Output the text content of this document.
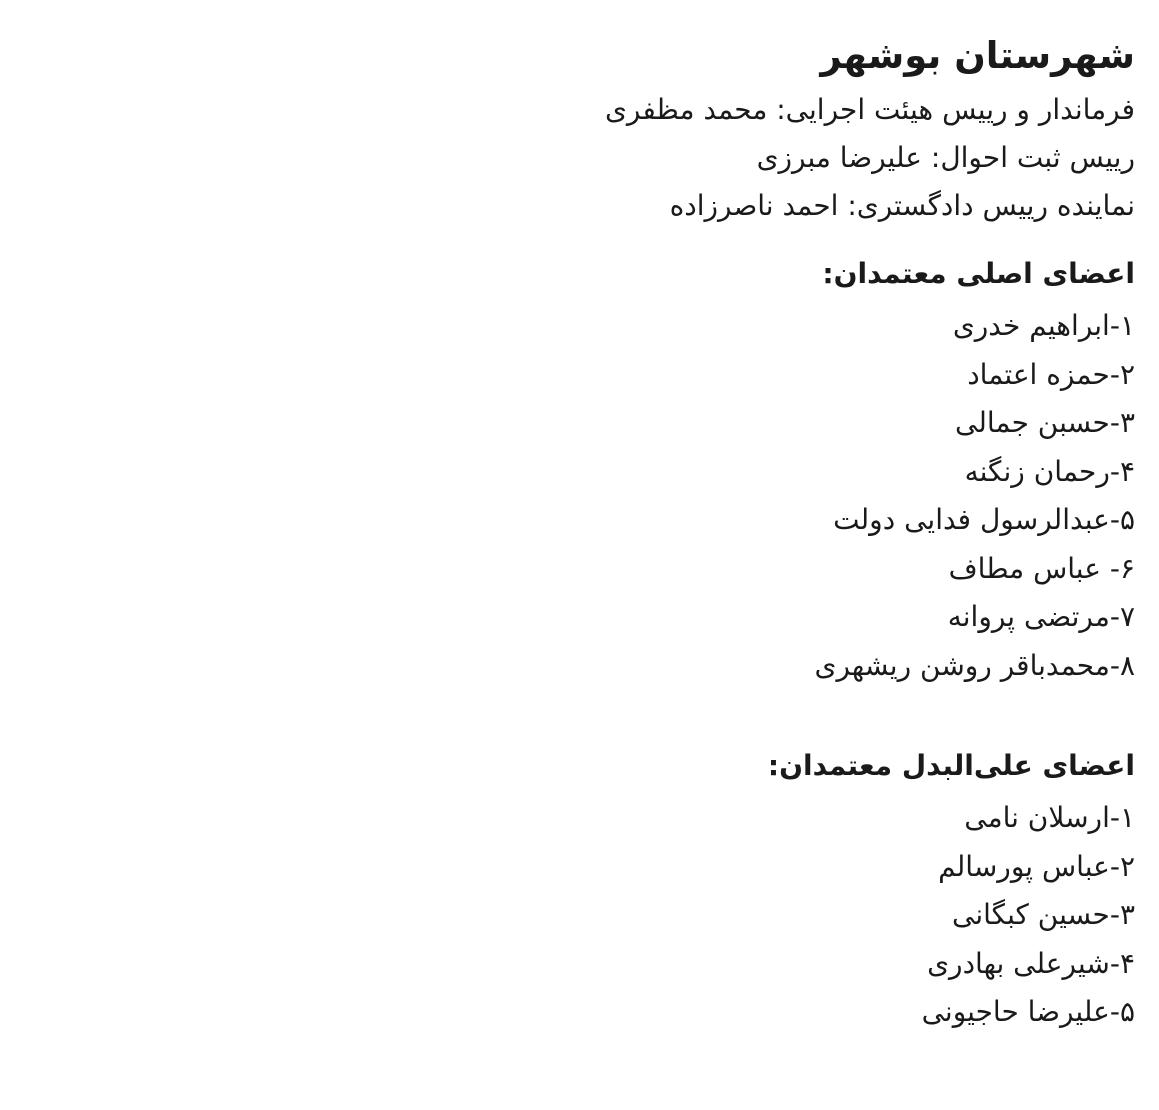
شهرستان بوشهر

فرماندار و رییس هیئت اجرایی: محمد مظفری

رییس ثبت احوال: علیرضا مبرزی

نماینده رییس دادگستری: احمد ناصرزاده

اعضای اصلی معتمدان:

۱-ابراهیم خدری

۲-حمزه اعتماد

۳-حسبن جمالی

۴-رحمان زنگنه

۵-عبدالرسول فدایی دولت

۶- عباس مطاف

۷-مرتضی پروانه

۸-محمدباقر روشن ریشهری

اعضای علی‌البدل معتمدان:

۱-ارسلان نامی

۲-عباس پورسالم

۳-حسین کبگانی

۴-شیرعلی بهادری

۵-علیرضا حاجیونی
